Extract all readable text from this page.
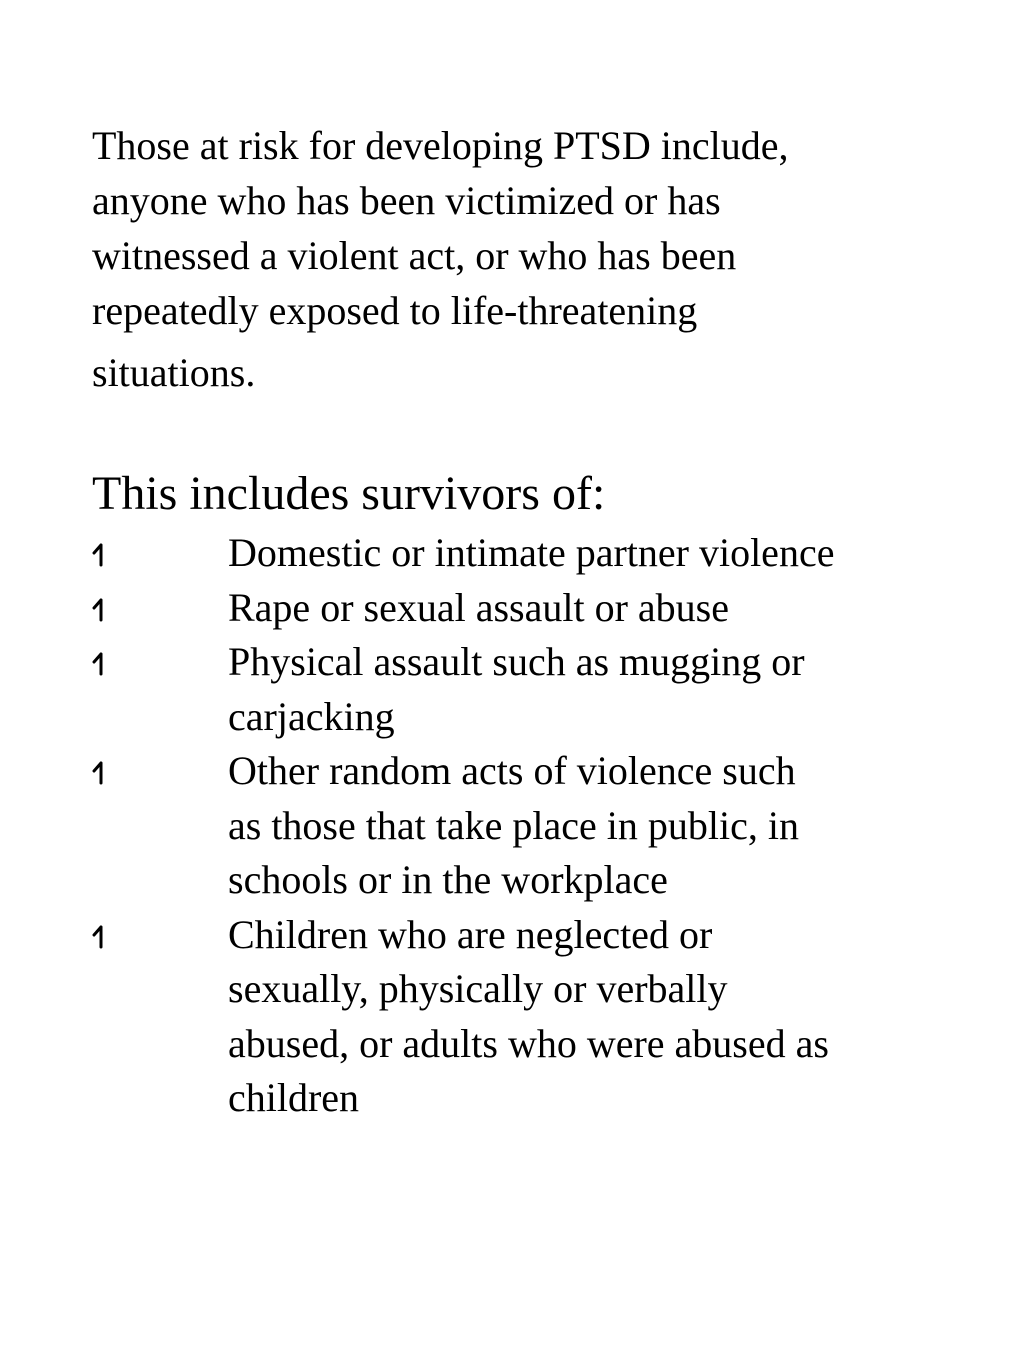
Those at risk for developing PTSD include,
anyone who has been victimized or has
witnessed a violent act, or who has been
repeatedly exposed to life-threatening
situations.

This includes survivors of:
Domestic or intimate partner violence
Rape or sexual assault or abuse
Physical assault such as mugging or
carjacking
Other random acts of violence such
as those that take place in public, in
schools or in the workplace
Children who are neglected or
sexually, physically or verbally
abused, or adults who were abused as
children
